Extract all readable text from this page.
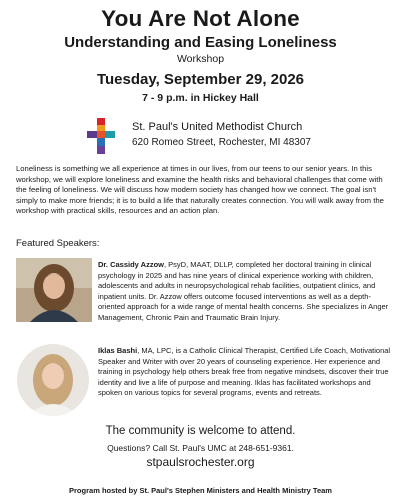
You Are Not Alone
Understanding and Easing Loneliness
Workshop
Tuesday, September 29, 2026
7 - 9 p.m. in Hickey Hall
St. Paul's United Methodist Church
620 Romeo Street, Rochester, MI 48307

Loneliness is something we all experience at times in our lives, from our teens to our senior years. In this workshop, we will explore loneliness and examine the health risks and behavioral challenges that come with the feeling of loneliness. We will discuss how modern society has changed how we connect. The goal isn't simply to make more friends; it is to build a life that naturally creates connection. You will walk away from the workshop with practical skills, resources and an action plan.

Featured Speakers:

Dr. Cassidy Azzow, PsyD, MAAT, DLLP, completed her doctoral training in clinical psychology in 2025 and has nine years of clinical experience working with children, adolescents and adults in neuropsychological rehab facilities, outpatient clinics, and inpatient units. Dr. Azzow offers outcome focused interventions as well as a depth-oriented approach for a wide range of mental health concerns. She specializes in Anger Management, Chronic Pain and Traumatic Brain Injury.

Iklas Bashi, MA, LPC, is a Catholic Clinical Therapist, Certified Life Coach, Motivational Speaker and Writer with over 20 years of counseling experience. Her experience and training in psychology help others break free from negative mindsets, discover their true identity and live a life of purpose and meaning. Iklas has facilitated workshops and spoken on various topics for several programs, events and retreats.

The community is welcome to attend.
Questions? Call St. Paul's UMC at 248-651-9361.
stpaulsrochester.org
Program hosted by St. Paul's Stephen Ministers and Health Ministry Team
